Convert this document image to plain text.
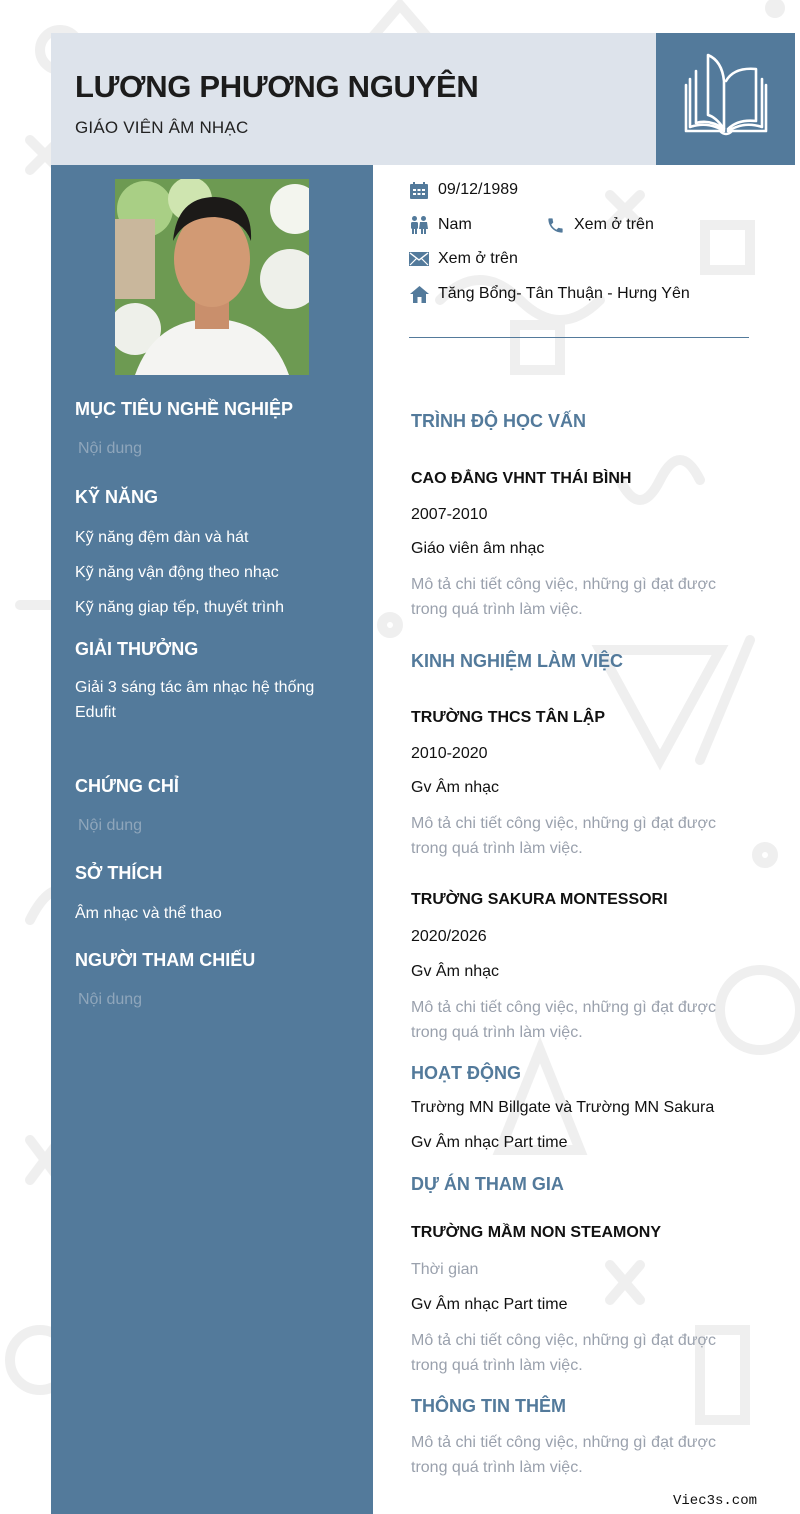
LƯƠNG PHƯƠNG NGUYÊN
GIÁO VIÊN ÂM NHẠC
MỤC TIÊU NGHỀ NGHIỆP
Nội dung
KỸ NĂNG
Kỹ năng đệm đàn và hát
Kỹ năng vận động theo nhạc
Kỹ năng giap tếp, thuyết trình
GIẢI THƯỞNG
Giải 3 sáng tác âm nhạc hệ thống Edufit
CHỨNG CHỈ
Nội dung
SỞ THÍCH
Âm nhạc và thể thao
NGƯỜI THAM CHIẾU
Nội dung
09/12/1989
Nam	Xem ở trên
Xem ở trên
Tăng Bổng- Tân Thuận - Hưng Yên
TRÌNH ĐỘ HỌC VẤN
CAO ĐẲNG VHNT THÁI BÌNH
2007-2010
Giáo viên âm nhạc
Mô tả chi tiết công việc, những gì đạt được trong quá trình làm việc.
KINH NGHIỆM LÀM VIỆC
TRƯỜNG THCS TÂN LẬP
2010-2020
Gv Âm nhạc
Mô tả chi tiết công việc, những gì đạt được trong quá trình làm việc.
TRƯỜNG SAKURA MONTESSORI
2020/2026
Gv Âm nhạc
Mô tả chi tiết công việc, những gì đạt được trong quá trình làm việc.
HOẠT ĐỘNG
Trường MN Billgate và Trường MN Sakura
Gv Âm nhạc Part time
DỰ ÁN THAM GIA
TRƯỜNG MẦM NON STEAMONY
Thời gian
Gv Âm nhạc Part time
Mô tả chi tiết công việc, những gì đạt được trong quá trình làm việc.
THÔNG TIN THÊM
Mô tả chi tiết công việc, những gì đạt được trong quá trình làm việc.
Viec3s.com
